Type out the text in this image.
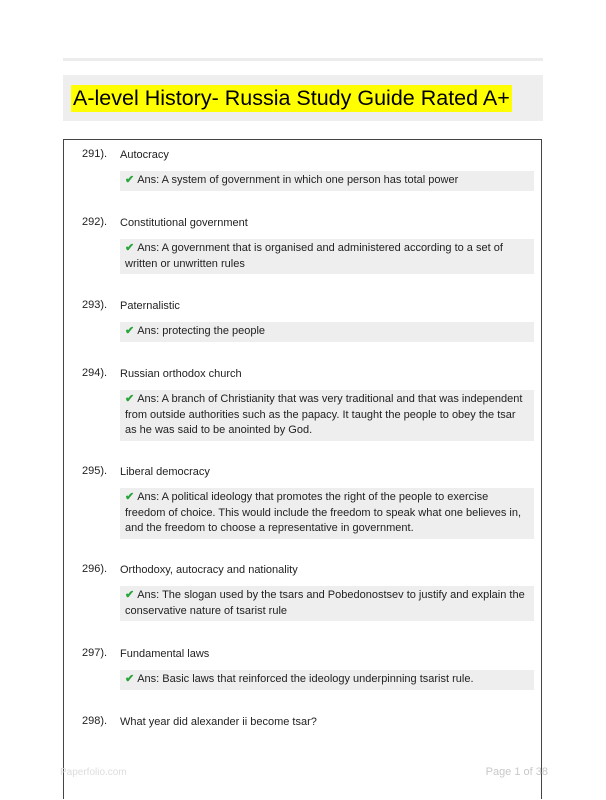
A-level History- Russia Study Guide Rated A+
291). Autocracy
✔ Ans: A system of government in which one person has total power
292). Constitutional government
✔ Ans: A government that is organised and administered according to a set of written or unwritten rules
293). Paternalistic
✔ Ans: protecting the people
294). Russian orthodox church
✔ Ans: A branch of Christianity that was very traditional and that was independent from outside authorities such as the papacy. It taught the people to obey the tsar as he was said to be anointed by God.
295). Liberal democracy
✔ Ans: A political ideology that promotes the right of the people to exercise freedom of choice. This would include the freedom to speak what one believes in, and the freedom to choose a representative in government.
296). Orthodoxy, autocracy and nationality
✔ Ans: The slogan used by the tsars and Pobedonostsev to justify and explain the conservative nature of tsarist rule
297). Fundamental laws
✔ Ans: Basic laws that reinforced the ideology underpinning tsarist rule.
298). What year did alexander ii become tsar?
Paperfolio.com	Page 1 of 38
